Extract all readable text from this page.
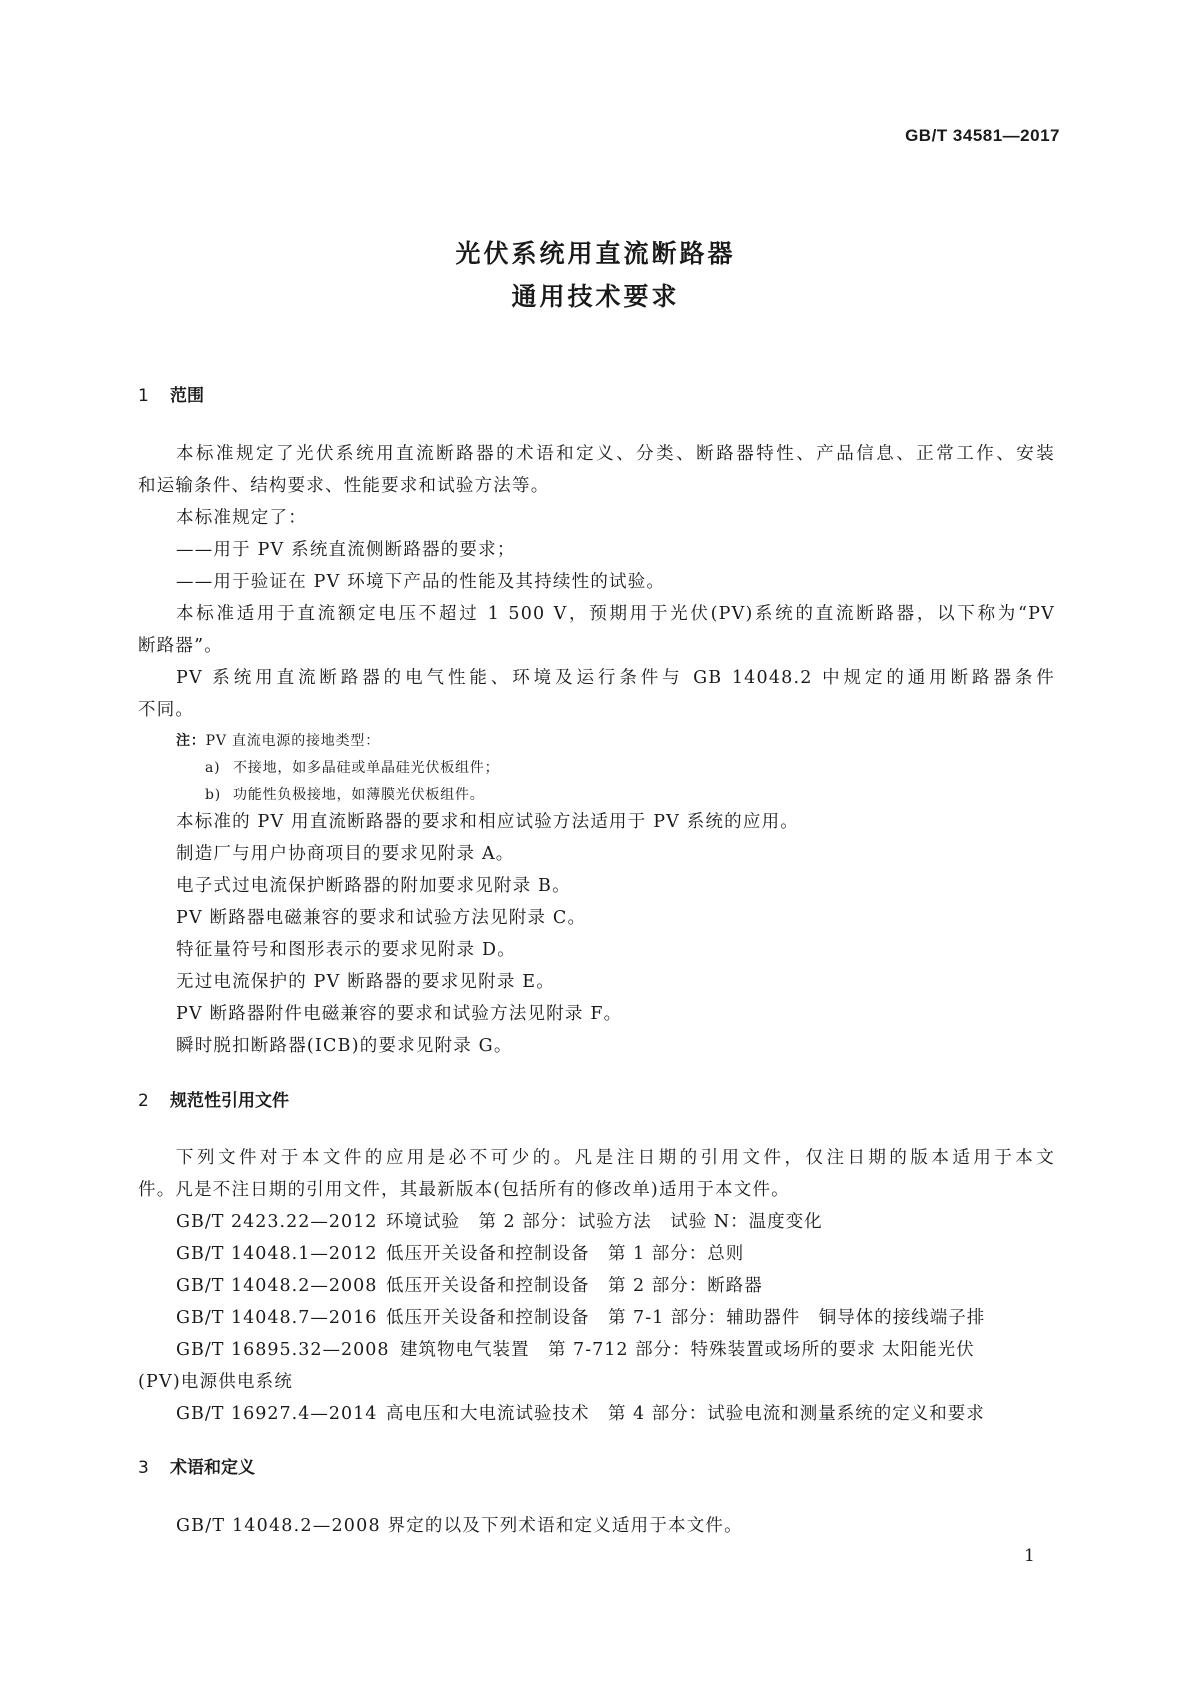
GB/T 34581—2017
光伏系统用直流断路器
通用技术要求
1 范围
本标准规定了光伏系统用直流断路器的术语和定义、分类、断路器特性、产品信息、正常工作、安装
和运输条件、结构要求、性能要求和试验方法等。
本标准规定了：
——用于 PV 系统直流侧断路器的要求；
——用于验证在 PV 环境下产品的性能及其持续性的试验。
本标准适用于直流额定电压不超过 1 500 V，预期用于光伏(PV)系统的直流断路器，以下称为“PV
断路器”。
PV 系统用直流断路器的电气性能、环境及运行条件与 GB 14048.2 中规定的通用断路器条件
不同。
注：PV 直流电源的接地类型：
a) 不接地，如多晶硅或单晶硅光伏板组件；
b) 功能性负极接地，如薄膜光伏板组件。
本标准的 PV 用直流断路器的要求和相应试验方法适用于 PV 系统的应用。
制造厂与用户协商项目的要求见附录 A。
电子式过电流保护断路器的附加要求见附录 B。
PV 断路器电磁兼容的要求和试验方法见附录 C。
特征量符号和图形表示的要求见附录 D。
无过电流保护的 PV 断路器的要求见附录 E。
PV 断路器附件电磁兼容的要求和试验方法见附录 F。
瞬时脱扣断路器(ICB)的要求见附录 G。
2 规范性引用文件
下列文件对于本文件的应用是必不可少的。凡是注日期的引用文件，仅注日期的版本适用于本文
件。凡是不注日期的引用文件，其最新版本(包括所有的修改单)适用于本文件。
GB/T 2423.22—2012 环境试验　第 2 部分：试验方法　试验 N：温度变化
GB/T 14048.1—2012 低压开关设备和控制设备　第 1 部分：总则
GB/T 14048.2—2008 低压开关设备和控制设备　第 2 部分：断路器
GB/T 14048.7—2016 低压开关设备和控制设备　第 7-1 部分：辅助器件　铜导体的接线端子排
GB/T 16895.32—2008 建筑物电气装置　第 7-712 部分：特殊装置或场所的要求 太阳能光伏
(PV)电源供电系统
GB/T 16927.4—2014 高电压和大电流试验技术　第 4 部分：试验电流和测量系统的定义和要求
3 术语和定义
GB/T 14048.2—2008 界定的以及下列术语和定义适用于本文件。
1
